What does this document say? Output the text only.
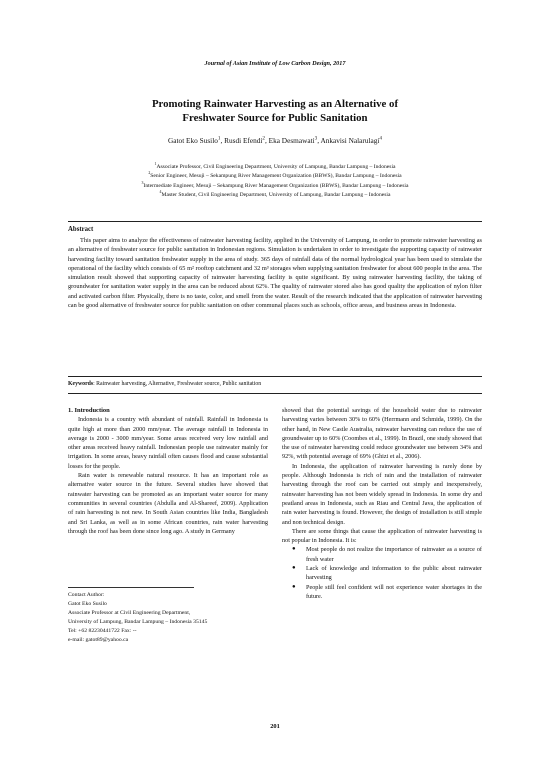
Journal of Asian Institute of Low Carbon Design, 2017
Promoting Rainwater Harvesting as an Alternative of
Freshwater Source for Public Sanitation
Gatot Eko Susilo$^1$, Rusdi Efendi$^2$, Eka Desmawati$^3$, Ankavisi Nalarulagi$^4$
$^1$Associate Professor, Civil Engineering Department, University of Lampung, Bandar Lampung – Indonesia
$^2$Senior Engineer, Mesuji – Sekampung River Management Organization (BBWS), Bandar Lampung – Indonesia
$^3$Intermediate Engineer, Mesuji – Sekampung River Management Organization (BBWS), Bandar Lampung – Indonesia
$^4$Master Student, Civil Engineering Department, University of Lampung, Bandar Lampung – Indonesia
Abstract
This paper aims to analyze the effectiveness of rainwater harvesting facility, applied in the University of Lampung, in order to promote rainwater harvesting as an alternative of freshwater source for public sanitation in Indonesian regions. Simulation is undertaken in order to investigate the supporting capacity of rainwater harvesting facility toward sanitation freshwater supply in the area of study. 365 days of rainfall data of the normal hydrological year has been used to simulate the operational of the facility which consists of 65 m² rooftop catchment and 32 m³ storages when supplying sanitation freshwater for about 600 people in the area. The simulation result showed that supporting capacity of rainwater harvesting facility is quite significant. By using rainwater harvesting facility, the taking of groundwater for sanitation water supply in the area can be reduced about 62%. The quality of rainwater stored also has good quality the application of nylon filter and activated carbon filter. Physically, there is no taste, color, and smell from the water. Result of the research indicated that the application of rainwater harvesting can be good alternative of freshwater source for public sanitation on other communal places such as schools, office areas, and business areas in Indonesia.
Keywords: Rainwater harvesting, Alternative, Freshwater source, Public sanitation
1. Introduction

Indonesia is a country with abundant of rainfall. Rainfall in Indonesia is quite high at more than 2000 mm/year. The average rainfall in Indonesia in average is 2000 - 3000 mm/year. Some areas received very low rainfall and other areas received heavy rainfall. Indonesian people use rainwater mainly for irrigation. In some areas, heavy rainfall often causes flood and cause substantial losses for the people.

Rain water is renewable natural resource. It has an important role as alternative water source in the future. Several studies have showed that rainwater harvesting can be promoted as an important water source for many communities in several countries (Abdulla and Al-Shareef, 2009). Application of rain harvesting is not new. In South Asian countries like India, Bangladesh and Sri Lanka, as well as in some African countries, rain water harvesting through the roof has been done since long ago. A study in Germany

Contact Author:
Gatot Eko Susilo
Associate Professor at Civil Engineering Department,
University of Lampung, Bandar Lampung – Indonesia 35145
Tel: +62 82230441722 Fax: --
e-mail: gatot89@yahoo.ca

showed that the potential savings of the household water due to rainwater harvesting varies between 30% to 60% (Herrmann and Schmida, 1999). On the other hand, in New Castle Australia, rainwater harvesting can reduce the use of groundwater up to 60% (Coombes et al., 1999). In Brazil, one study showed that the use of rainwater harvesting could reduce groundwater use between 34% and 92%, with potential average of 69% (Ghizi et al., 2006).

In Indonesia, the application of rainwater harvesting is rarely done by people. Although Indonesia is rich of rain and the installation of rainwater harvesting through the roof can be carried out simply and inexpensively, rainwater harvesting has not been widely spread in Indonesia. In some dry and peatland areas in Indonesia, such as Riau and Central Java, the application of rain water harvesting is found. However, the design of installation is still simple and non technical design.

There are some things that cause the application of rainwater harvesting is not popular in Indonesia. It is:

● Most people do not realize the importance of rainwater as a source of fresh water
● Lack of knowledge and information to the public about rainwater harvesting
● People still feel confident will not experience water shortages in the future.
201
